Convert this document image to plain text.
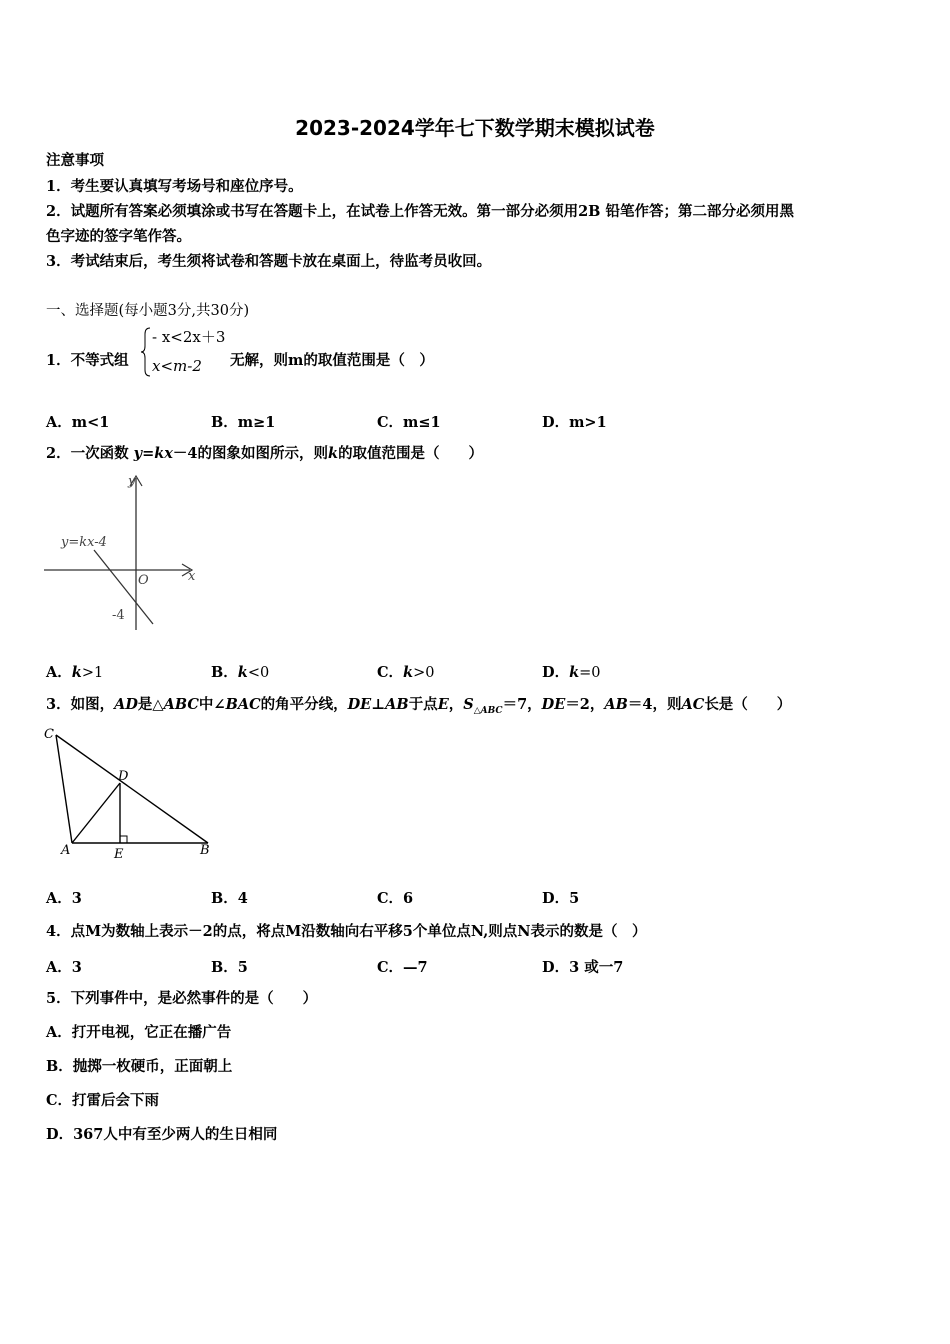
2023-2024学年七下数学期末模拟试卷
注意事项
1．考生要认真填写考场号和座位序号。
2．试题所有答案必须填涂或书写在答题卡上，在试卷上作答无效。第一部分必须用2B 铅笔作答；第二部分必须用黑
色字迹的签字笔作答。
3．考试结束后，考生须将试卷和答题卡放在桌面上，待监考员收回。
一、选择题(每小题3分,共30分)
1．不等式组
- x<2x＋3
x<m-2 无解，则m的取值范围是（　）
A．m<1	B．m≥1	C．m≤1	D．m>1
2．一次函数 y=kx－4的图象如图所示，则k的取值范围是（　　）
y
x
O
-4
y=kx-4
A．k>1	B．k<0	C．k>0	D．k=0
3．如图，AD是△ABC中∠BAC的角平分线，DE⊥AB于点E，$S_{\triangle ABC}=7$，DE＝2，AB＝4，则AC长是（　　）
C
D
A	E	B
A．3	B．4	C．6	D．5
4．点M为数轴上表示－2的点，将点M沿数轴向右平移5个单位点N,则点N表示的数是（　）
A．3	B．5	C．—7	D．3 或一7
5．下列事件中，是必然事件的是（　　）
A．打开电视，它正在播广告
B．抛掷一枚硬币，正面朝上
C．打雷后会下雨
D．367人中有至少两人的生日相同
